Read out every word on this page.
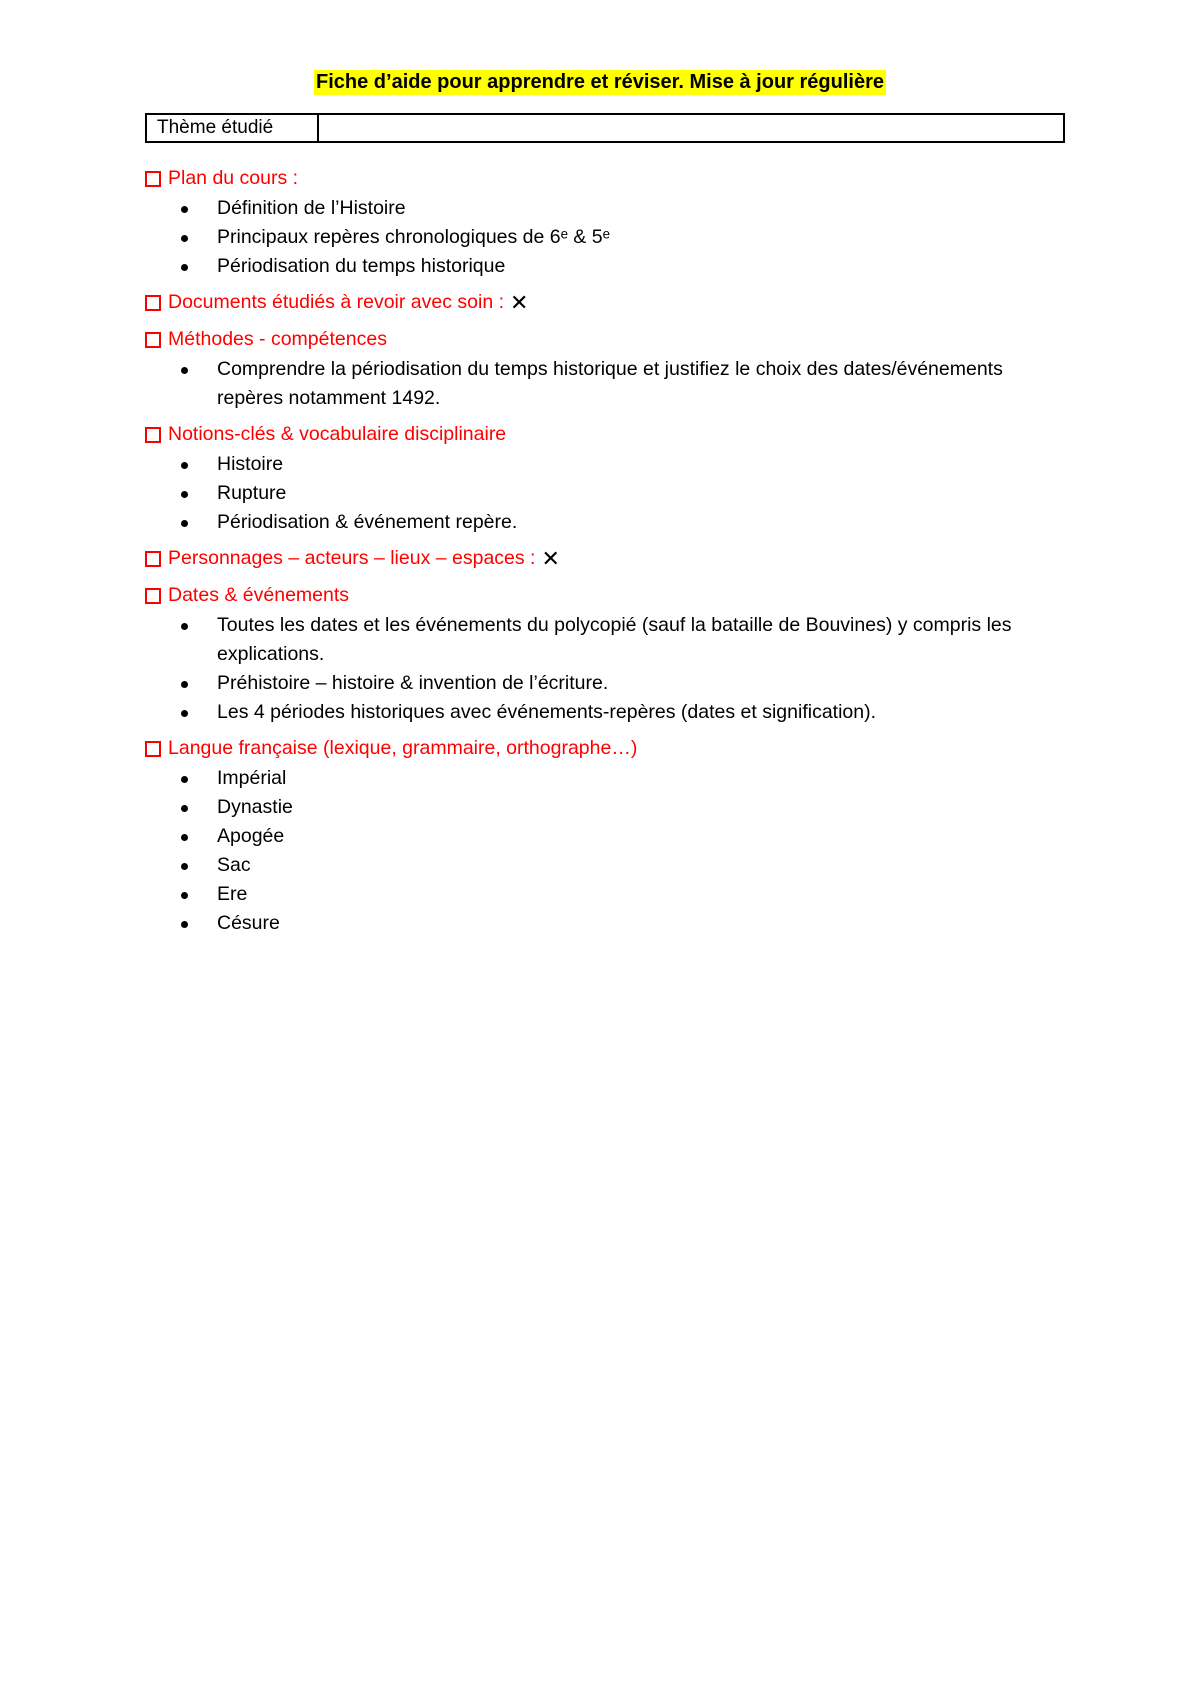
Fiche d’aide pour apprendre et réviser. Mise à jour régulière
Thème étudié
Plan du cours :
Définition de l’Histoire
Principaux repères chronologiques de 6ᵉ & 5ᵉ
Périodisation du temps historique
Documents étudiés à revoir avec soin : ✕
Méthodes - compétences
Comprendre la périodisation du temps historique et justifiez le choix des dates/événements repères notamment 1492.
Notions-clés & vocabulaire disciplinaire
Histoire
Rupture
Périodisation & événement repère.
Personnages – acteurs – lieux – espaces : ✕
Dates & événements
Toutes les dates et les événements du polycopié (sauf la bataille de Bouvines) y compris les explications.
Préhistoire – histoire & invention de l’écriture.
Les 4 périodes historiques avec événements-repères (dates et signification).
Langue française (lexique, grammaire, orthographe…)
Impérial
Dynastie
Apogée
Sac
Ere
Césure
